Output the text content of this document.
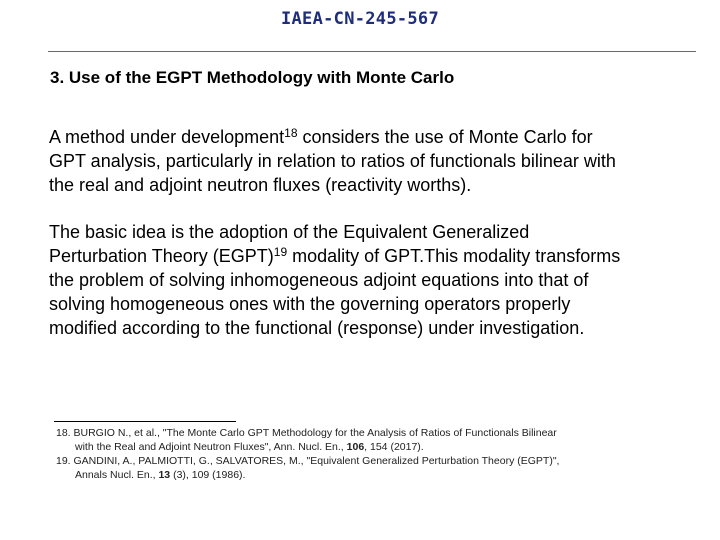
IAEA-CN-245-567
3. Use of the EGPT Methodology with Monte Carlo
A method under development$^{18}$ considers the use of Monte Carlo for
GPT analysis, particularly in relation to ratios of functionals bilinear with
the real and adjoint neutron fluxes (reactivity worths).
The basic idea is the adoption of the Equivalent Generalized
Perturbation Theory (EGPT)$^{19}$ modality of GPT.This modality transforms
the problem of solving inhomogeneous adjoint equations into that of
solving homogeneous ones with the governing operators properly
modified according to the functional (response) under investigation.
18. BURGIO N., et al., "The Monte Carlo GPT Methodology for the Analysis of Ratios of Functionals Bilinear
with the Real and Adjoint Neutron Fluxes", Ann. Nucl. En., 106, 154 (2017).
19. GANDINI, A., PALMIOTTI, G., SALVATORES, M., "Equivalent Generalized Perturbation Theory (EGPT)",
Annals Nucl. En., 13 (3), 109 (1986).
